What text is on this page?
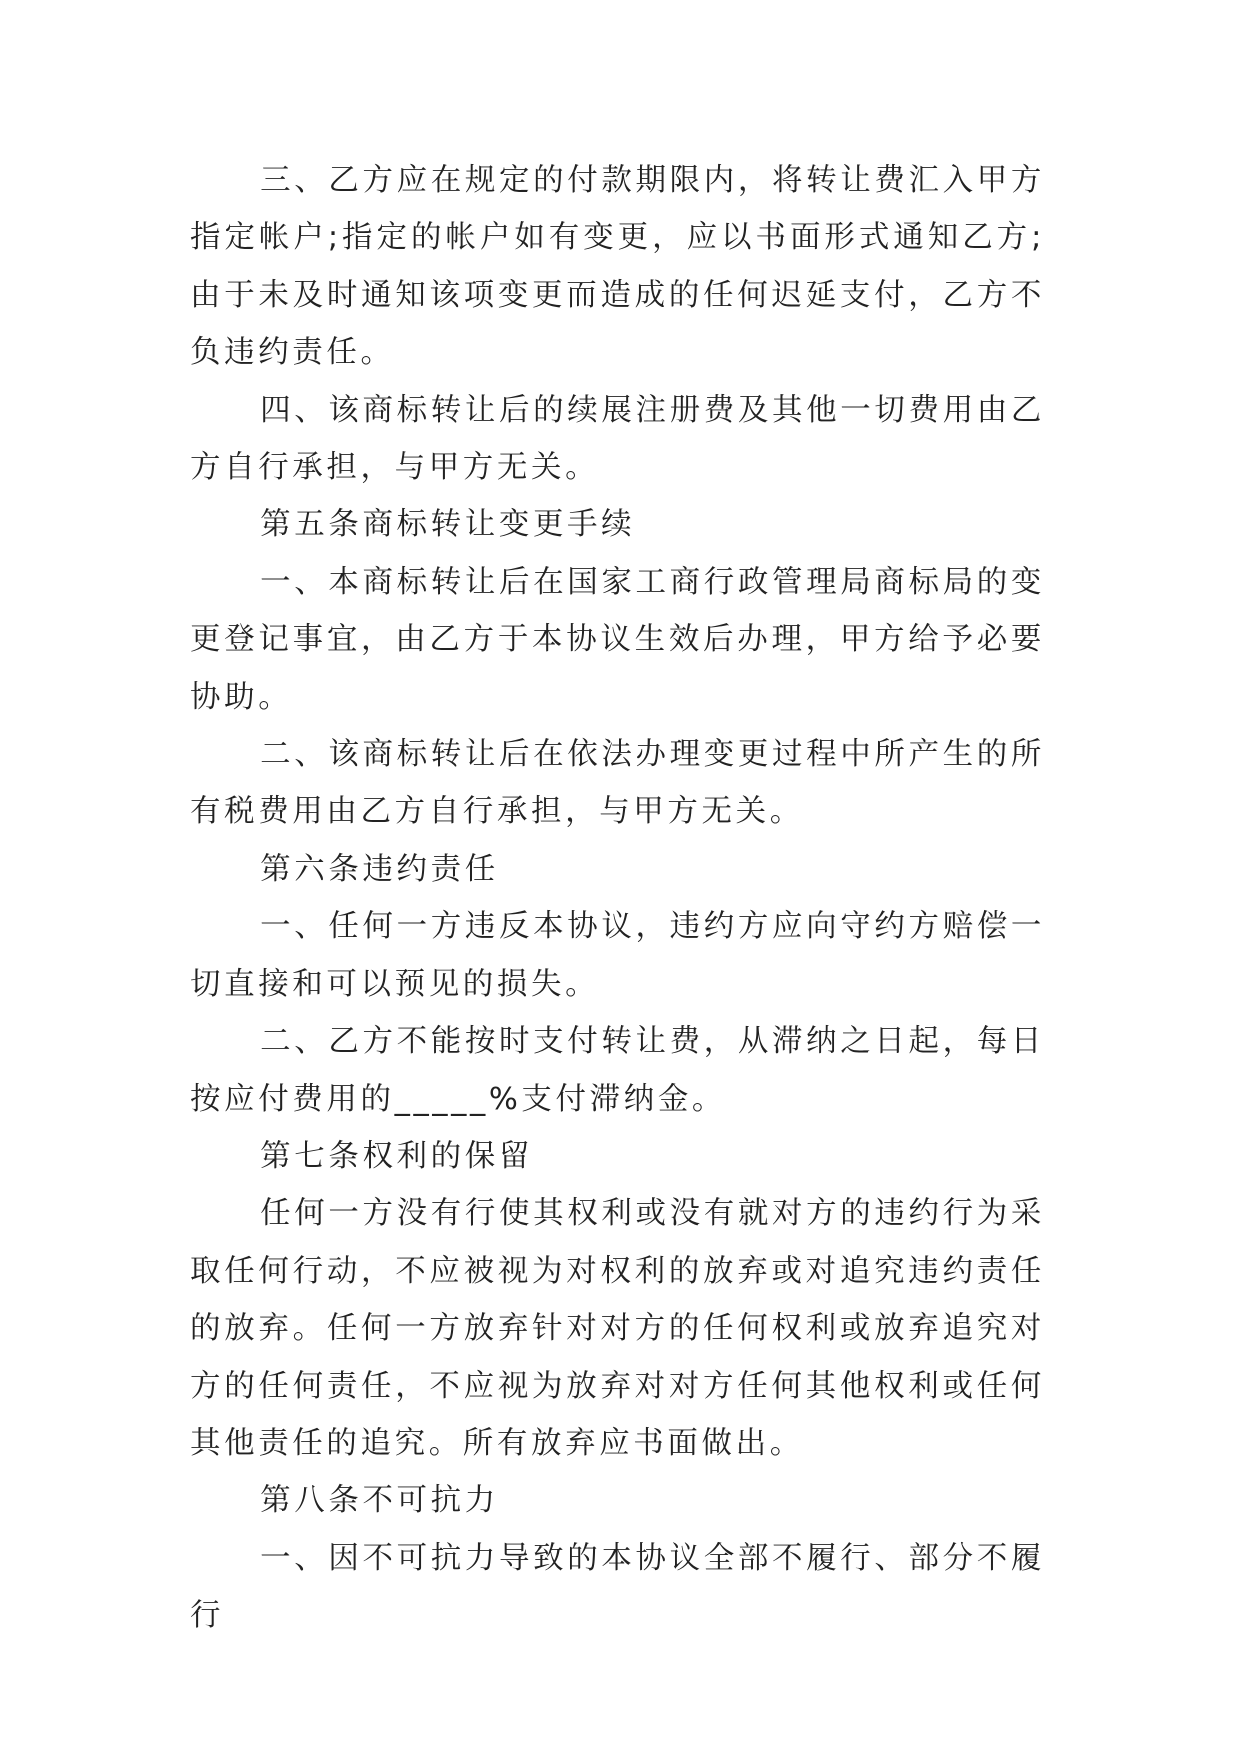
三、乙方应在规定的付款期限内，将转让费汇入甲方指定帐户;指定的帐户如有变更，应以书面形式通知乙方;由于未及时通知该项变更而造成的任何迟延支付，乙方不负违约责任。

四、该商标转让后的续展注册费及其他一切费用由乙方自行承担，与甲方无关。

第五条商标转让变更手续

一、本商标转让后在国家工商行政管理局商标局的变更登记事宜，由乙方于本协议生效后办理，甲方给予必要协助。

二、该商标转让后在依法办理变更过程中所产生的所有税费用由乙方自行承担，与甲方无关。

第六条违约责任

一、任何一方违反本协议，违约方应向守约方赔偿一切直接和可以预见的损失。

二、乙方不能按时支付转让费，从滞纳之日起，每日按应付费用的_____%支付滞纳金。

第七条权利的保留

任何一方没有行使其权利或没有就对方的违约行为采取任何行动，不应被视为对权利的放弃或对追究违约责任的放弃。任何一方放弃针对对方的任何权利或放弃追究对方的任何责任，不应视为放弃对对方任何其他权利或任何其他责任的追究。所有放弃应书面做出。

第八条不可抗力

一、因不可抗力导致的本协议全部不履行、部分不履行
